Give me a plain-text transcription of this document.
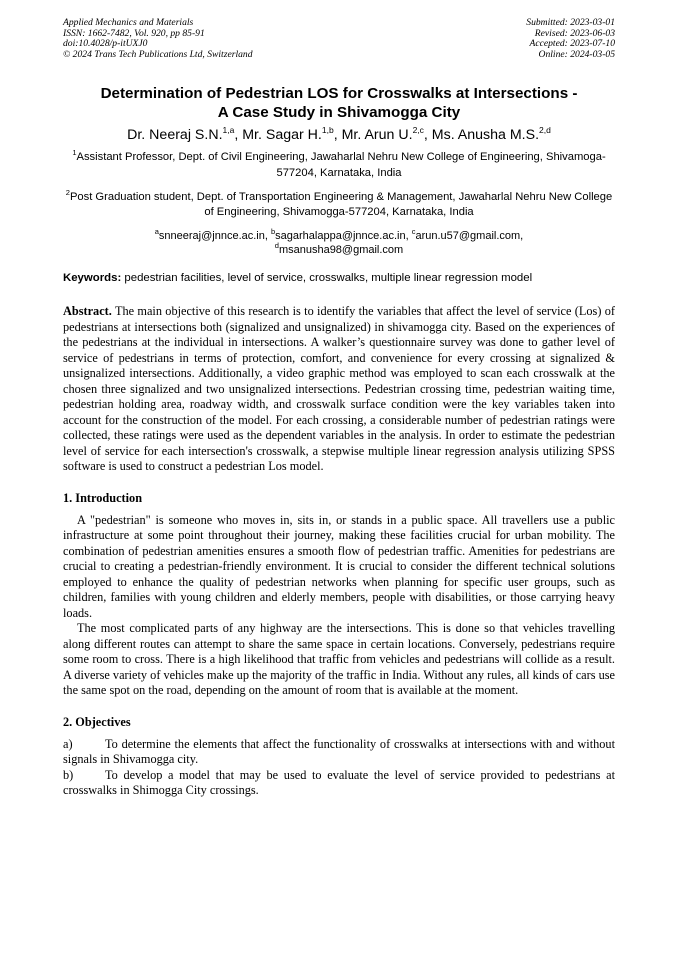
Applied Mechanics and Materials
ISSN: 1662-7482, Vol. 920, pp 85-91
doi:10.4028/p-itUXJ0
© 2024 Trans Tech Publications Ltd, Switzerland
Submitted: 2023-03-01
Revised: 2023-06-03
Accepted: 2023-07-10
Online: 2024-03-05
Determination of Pedestrian LOS for Crosswalks at Intersections -
A Case Study in Shivamogga City
Dr. Neeraj S.N.$^{1,a}$, Mr. Sagar H.$^{1,b}$, Mr. Arun U.$^{2,c}$, Ms. Anusha M.S.$^{2,d}$
$^1$Assistant Professor, Dept. of Civil Engineering, Jawaharlal Nehru New College of Engineering, Shivamoga-577204, Karnataka, India
$^2$Post Graduation student, Dept. of Transportation Engineering & Management, Jawaharlal Nehru New College of Engineering, Shivamogga-577204, Karnataka, India
$^a$snneeraj@jnnce.ac.in, $^b$sagarhalappa@jnnce.ac.in, $^c$arun.u57@gmail.com,
$^d$msanusha98@gmail.com
Keywords: pedestrian facilities, level of service, crosswalks, multiple linear regression model
Abstract. The main objective of this research is to identify the variables that affect the level of service (Los) of pedestrians at intersections both (signalized and unsignalized) in shivamogga city. Based on the experiences of the pedestrians at the individual in intersections. A walker’s questionnaire survey was done to gather level of service of pedestrians in terms of protection, comfort, and convenience for every crossing at signalized & unsignalized intersections. Additionally, a video graphic method was employed to scan each crosswalk at the chosen three signalized and two unsignalized intersections. Pedestrian crossing time, pedestrian waiting time, pedestrian holding area, roadway width, and crosswalk surface condition were the key variables taken into account for the construction of the model. For each crossing, a considerable number of pedestrian ratings were collected, these ratings were used as the dependent variables in the analysis. In order to estimate the pedestrian level of service for each intersection's crosswalk, a stepwise multiple linear regression analysis utilizing SPSS software is used to construct a pedestrian Los model.
1. Introduction

A "pedestrian" is someone who moves in, sits in, or stands in a public space. All travellers use a public infrastructure at some point throughout their journey, making these facilities crucial for urban mobility. The combination of pedestrian amenities ensures a smooth flow of pedestrian traffic. Amenities for pedestrians are crucial to creating a pedestrian-friendly environment. It is crucial to consider the different technical solutions employed to enhance the quality of pedestrian networks when planning for specific user groups, such as children, families with young children and elderly members, people with disabilities, or those carrying heavy loads.

The most complicated parts of any highway are the intersections. This is done so that vehicles travelling along different routes can attempt to share the same space in certain locations. Conversely, pedestrians require some room to cross. There is a high likelihood that traffic from vehicles and pedestrians will collide as a result. A diverse variety of vehicles make up the majority of the traffic in India. Without any rules, all kinds of cars use the same spot on the road, depending on the amount of room that is available at the moment.

2. Objectives
a)	To determine the elements that affect the functionality of crosswalks at intersections with and without signals in Shivamogga city.
b)	To develop a model that may be used to evaluate the level of service provided to pedestrians at crosswalks in Shimogga City crossings.
